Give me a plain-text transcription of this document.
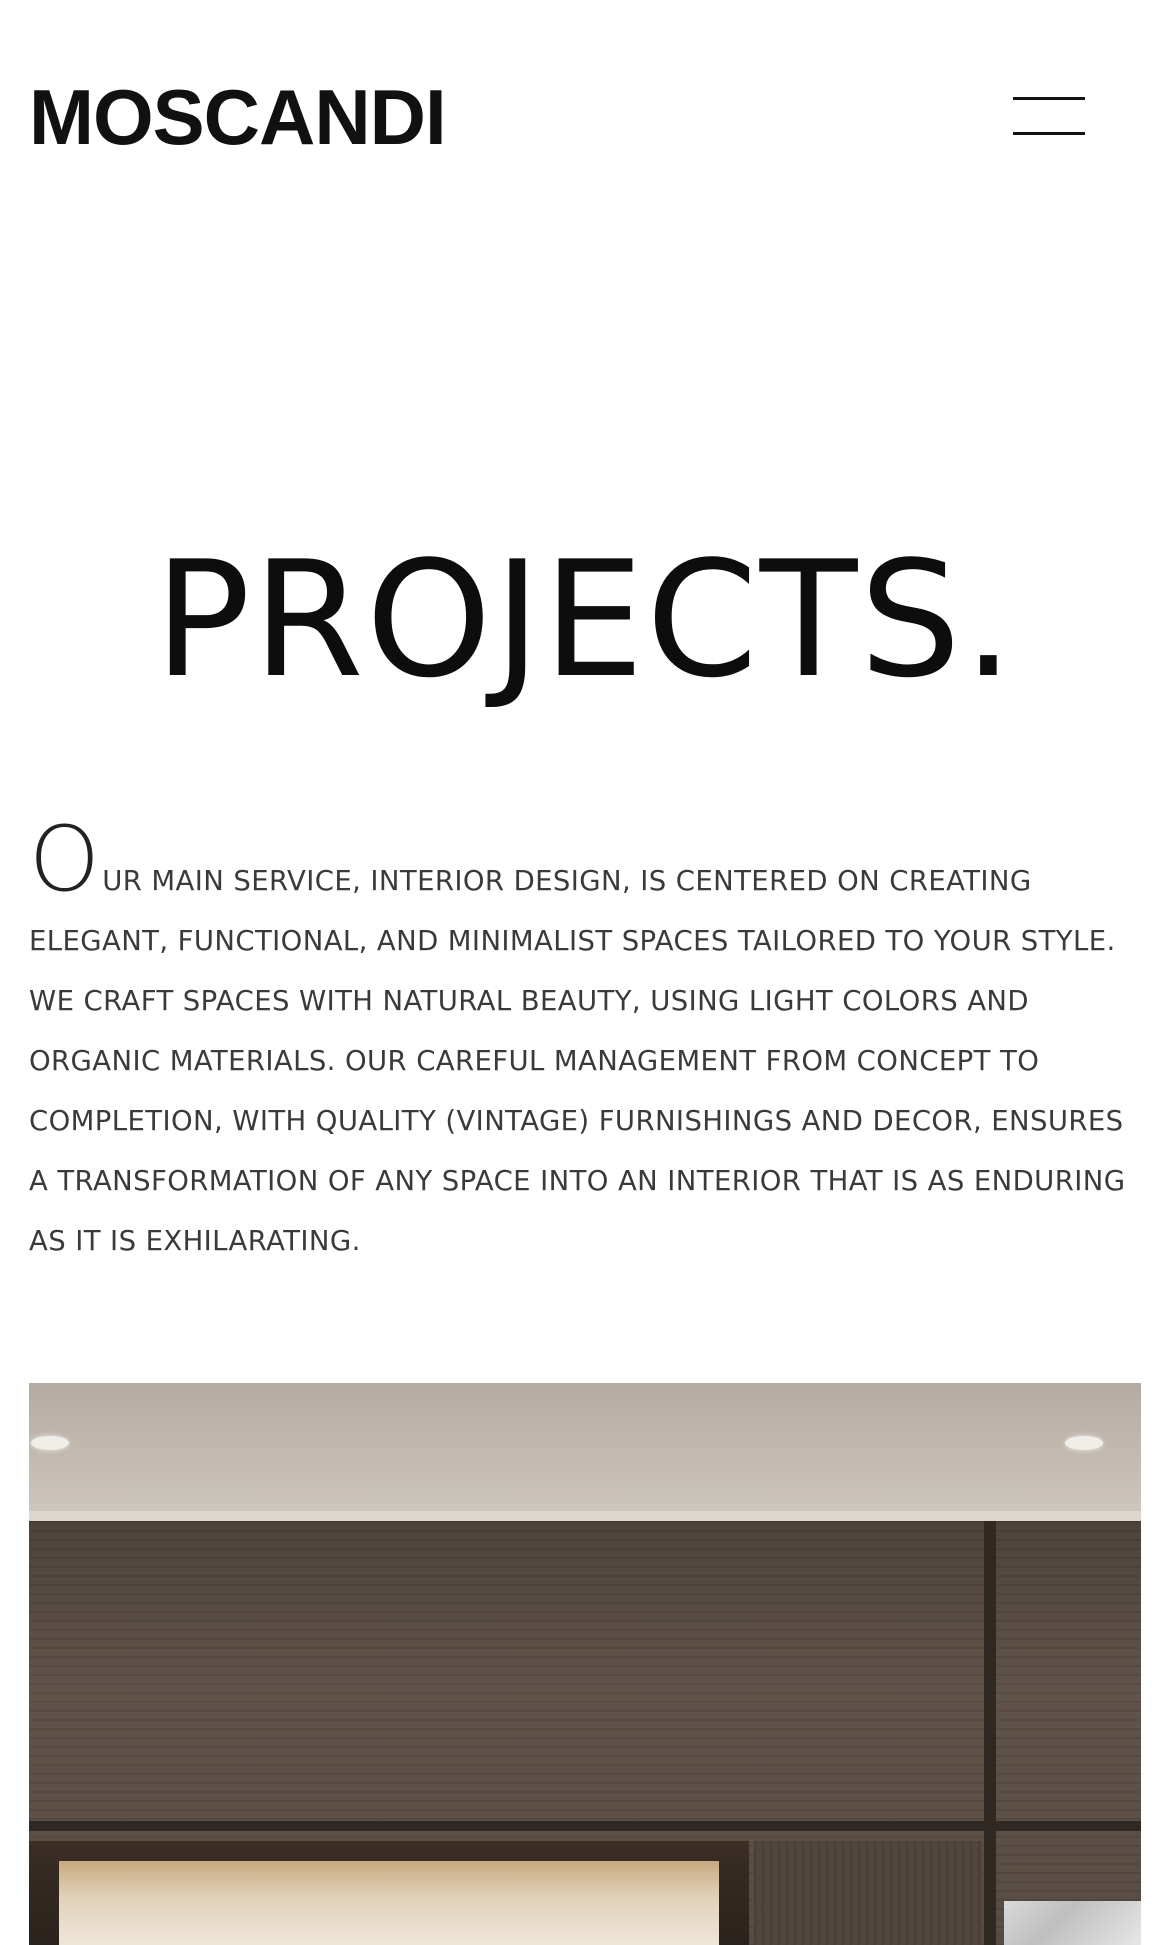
MOSCANDI
PROJECTS.

OUR MAIN SERVICE, INTERIOR DESIGN, IS CENTERED ON CREATING ELEGANT, FUNCTIONAL, AND MINIMALIST SPACES TAILORED TO YOUR STYLE. WE CRAFT SPACES WITH NATURAL BEAUTY, USING LIGHT COLORS AND ORGANIC MATERIALS. OUR CAREFUL MANAGEMENT FROM CONCEPT TO COMPLETION, WITH QUALITY (VINTAGE) FURNISHINGS AND DECOR, ENSURES A TRANSFORMATION OF ANY SPACE INTO AN INTERIOR THAT IS AS ENDURING AS IT IS EXHILARATING.
